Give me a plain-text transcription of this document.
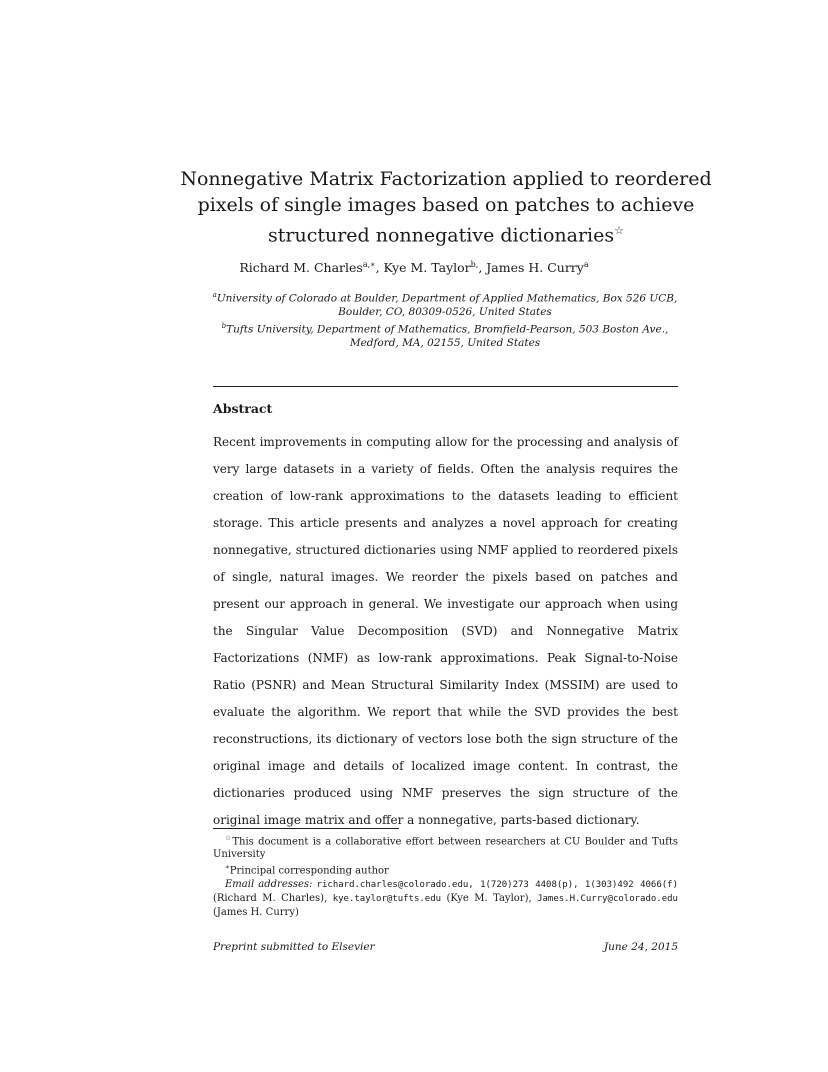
Nonnegative Matrix Factorization applied to reordered
pixels of single images based on patches to achieve
structured nonnegative dictionaries☆
Richard M. Charles$^{a,∗}$, Kye M. Taylor$^{b,}$, James H. Curry$^a$
$^a$University of Colorado at Boulder, Department of Applied Mathematics, Box 526 UCB,
Boulder, CO, 80309-0526, United States
$^b$Tufts University, Department of Mathematics, Bromfield-Pearson, 503 Boston Ave.,
Medford, MA, 02155, United States
Abstract

Recent improvements in computing allow for the processing and analysis of very large datasets in a variety of fields. Often the analysis requires the creation of low-rank approximations to the datasets leading to efficient storage. This article presents and analyzes a novel approach for creating nonnegative, structured dictionaries using NMF applied to reordered pixels of single, natural images. We reorder the pixels based on patches and present our approach in general. We investigate our approach when using the Singular Value Decomposition (SVD) and Nonnegative Matrix Factorizations (NMF) as low-rank approximations. Peak Signal-to-Noise Ratio (PSNR) and Mean Structural Similarity Index (MSSIM) are used to evaluate the algorithm. We report that while the SVD provides the best reconstructions, its dictionary of vectors lose both the sign structure of the original image and details of localized image content. In contrast, the dictionaries produced using NMF preserves the sign structure of the original image matrix and offer a nonnegative, parts-based dictionary.

☆This document is a collaborative effort between researchers at CU Boulder and Tufts University

∗Principal corresponding author

Email addresses: richard.charles@colorado.edu, 1(720)273 4408(p), 1(303)492 4066(f) (Richard M. Charles), kye.taylor@tufts.edu (Kye M. Taylor), James.H.Curry@colorado.edu (James H. Curry)

Preprint submitted to Elsevier	June 24, 2015
